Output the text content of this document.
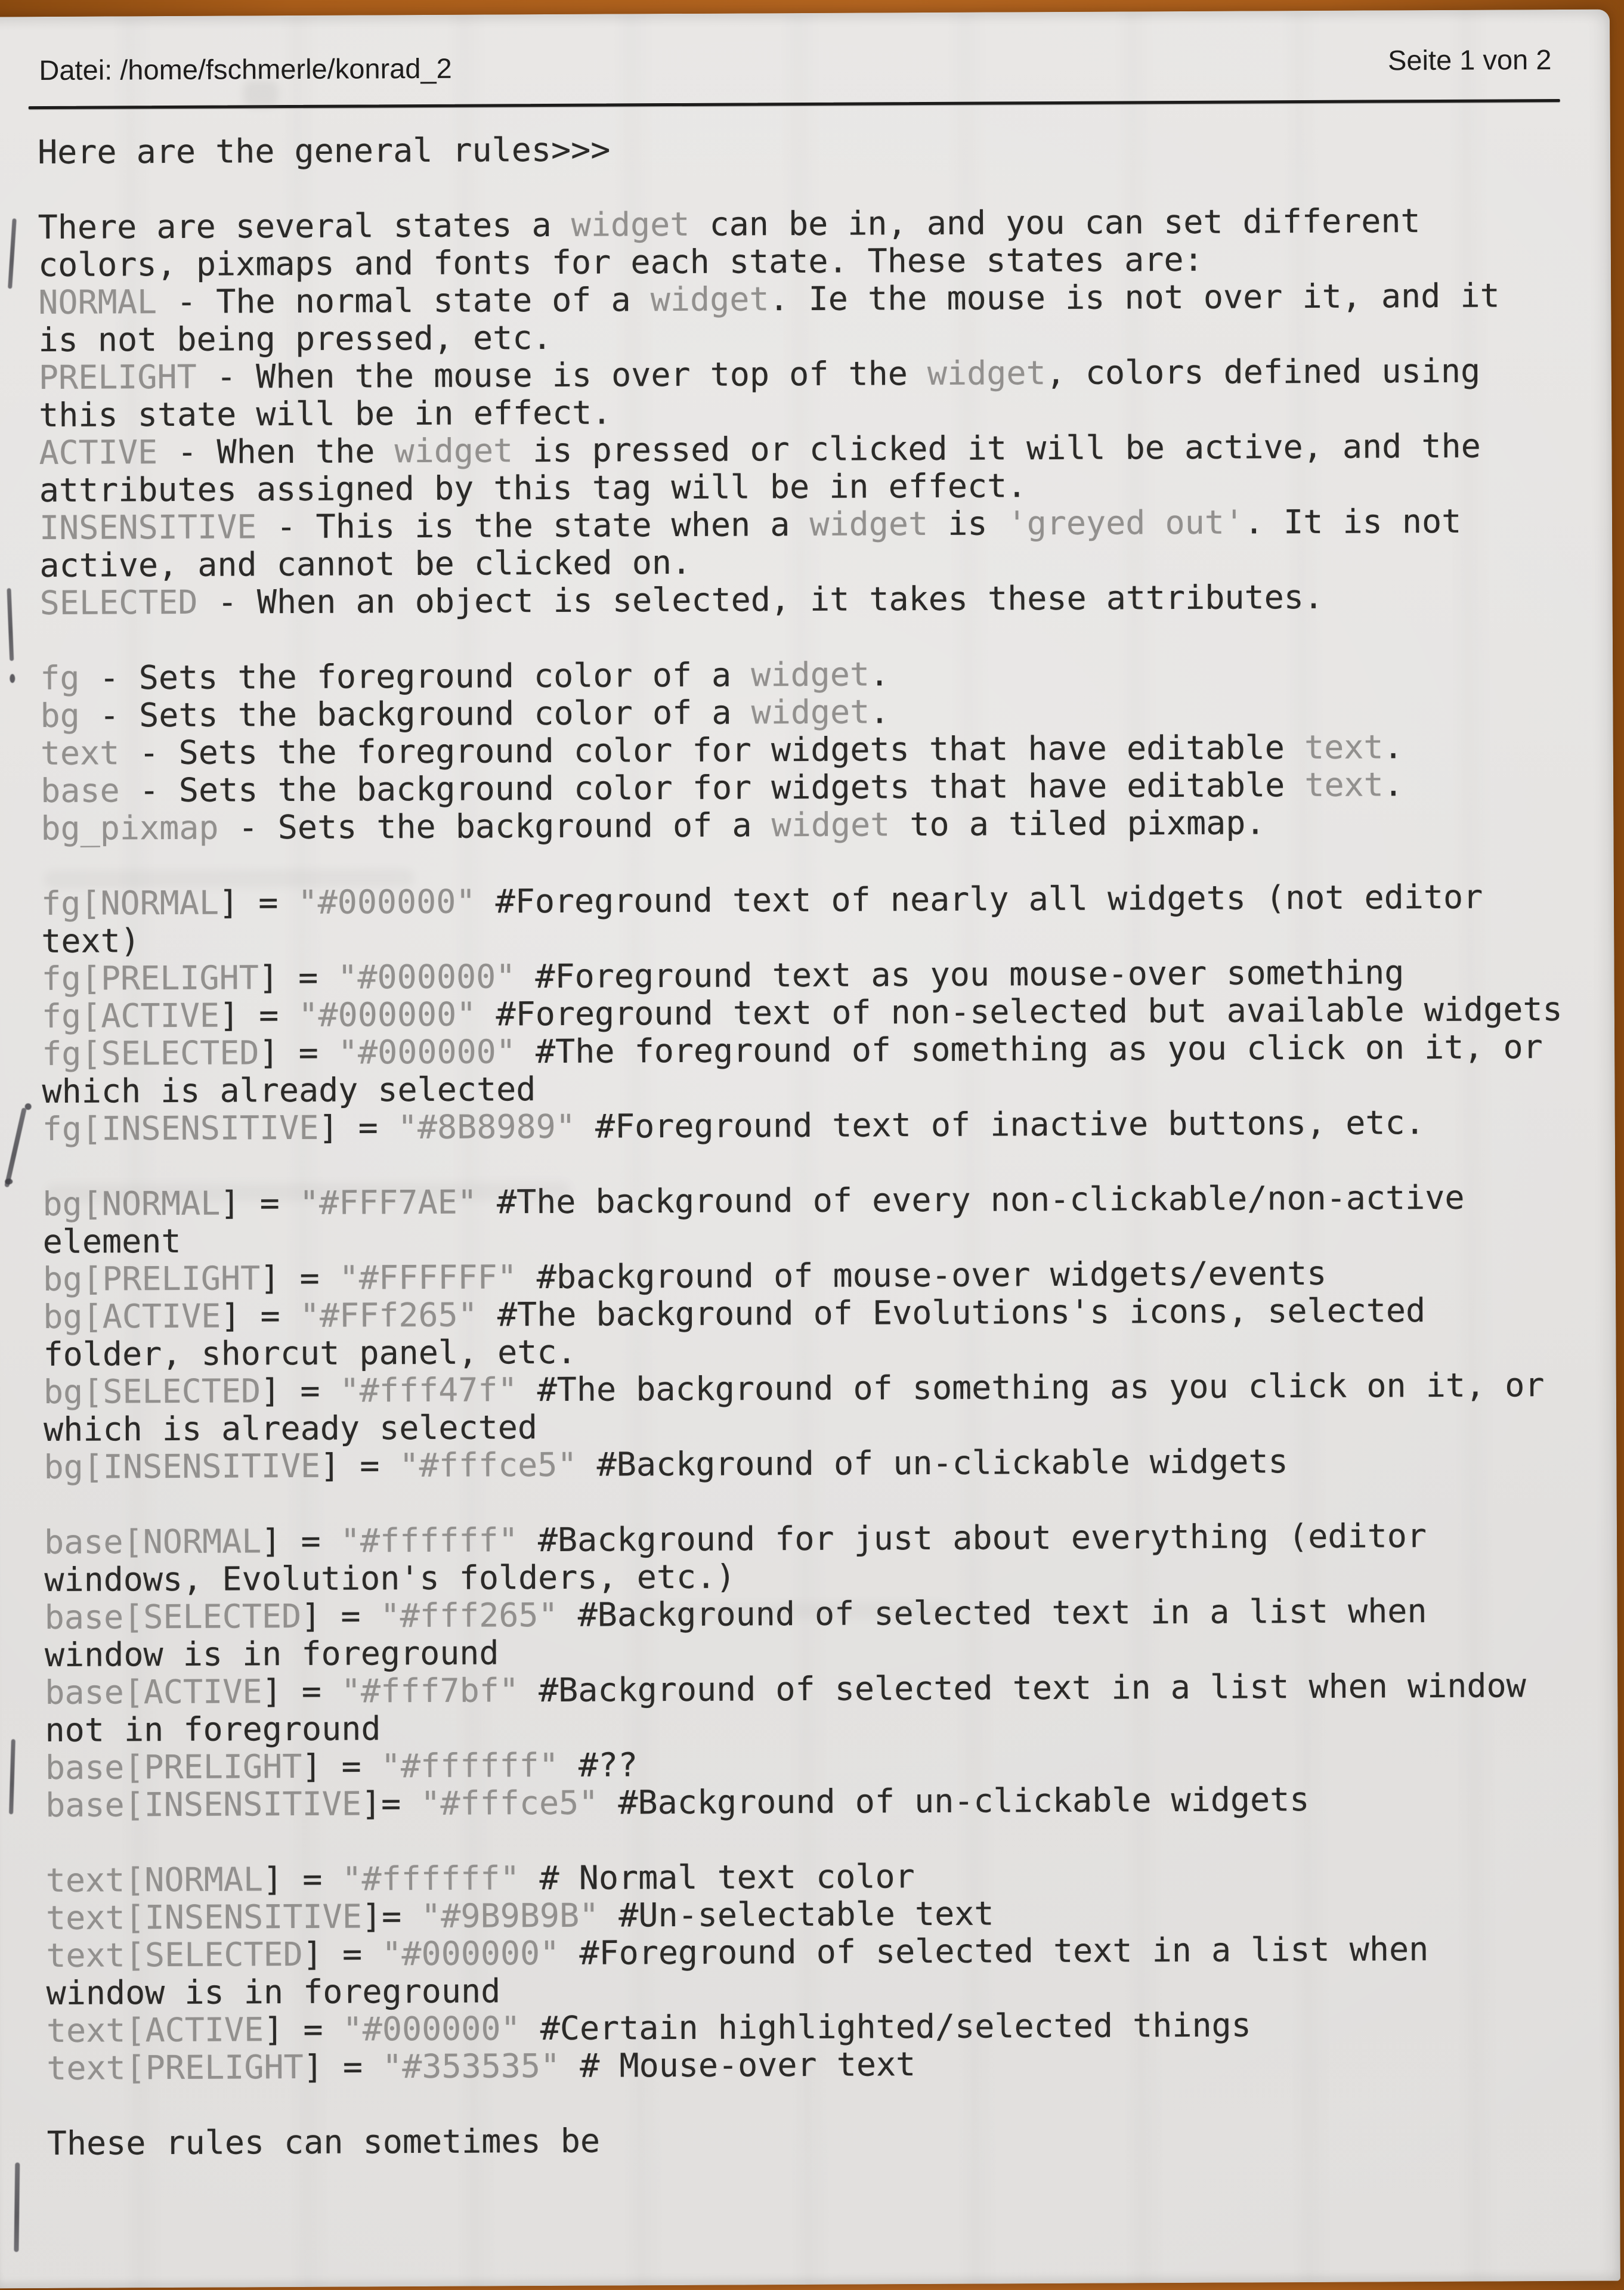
Datei: /home/fschmerle/konrad_2	Seite 1 von 2
Here are the general rules>>>

There are several states a widget can be in, and you can set different
colors, pixmaps and fonts for each state. These states are:
NORMAL - The normal state of a widget. Ie the mouse is not over it, and it
is not being pressed, etc.
PRELIGHT - When the mouse is over top of the widget, colors defined using
this state will be in effect.
ACTIVE - When the widget is pressed or clicked it will be active, and the
attributes assigned by this tag will be in effect.
INSENSITIVE - This is the state when a widget is 'greyed out'. It is not
active, and cannot be clicked on.
SELECTED - When an object is selected, it takes these attributes.

fg - Sets the foreground color of a widget.
bg - Sets the background color of a widget.
text - Sets the foreground color for widgets that have editable text.
base - Sets the background color for widgets that have editable text.
bg_pixmap - Sets the background of a widget to a tiled pixmap.

fg[NORMAL] = "#000000" #Foreground text of nearly all widgets (not editor
text)
fg[PRELIGHT] = "#000000" #Foreground text as you mouse-over something
fg[ACTIVE] = "#000000" #Foreground text of non-selected but available widgets
fg[SELECTED] = "#000000" #The foreground of something as you click on it, or
which is already selected
fg[INSENSITIVE] = "#8B8989" #Foreground text of inactive buttons, etc.

bg[NORMAL] = "#FFF7AE" #The background of every non-clickable/non-active
element
bg[PRELIGHT] = "#FFFFFF" #background of mouse-over widgets/events
bg[ACTIVE] = "#FFf265" #The background of Evolutions's icons, selected
folder, shorcut panel, etc.
bg[SELECTED] = "#fff47f" #The background of something as you click on it, or
which is already selected
bg[INSENSITIVE] = "#fffce5" #Background of un-clickable widgets

base[NORMAL] = "#ffffff" #Background for just about everything (editor
windows, Evolution's folders, etc.)
base[SELECTED] = "#fff265" #Background of selected text in a list when
window is in foreground
base[ACTIVE] = "#fff7bf" #Background of selected text in a list when window
not in foreground
base[PRELIGHT] = "#ffffff" #??
base[INSENSITIVE]= "#fffce5" #Background of un-clickable widgets

text[NORMAL] = "#ffffff" # Normal text color
text[INSENSITIVE]= "#9B9B9B" #Un-selectable text
text[SELECTED] = "#000000" #Foreground of selected text in a list when
window is in foreground
text[ACTIVE] = "#000000" #Certain highlighted/selected things
text[PRELIGHT] = "#353535" # Mouse-over text

These rules can sometimes be
